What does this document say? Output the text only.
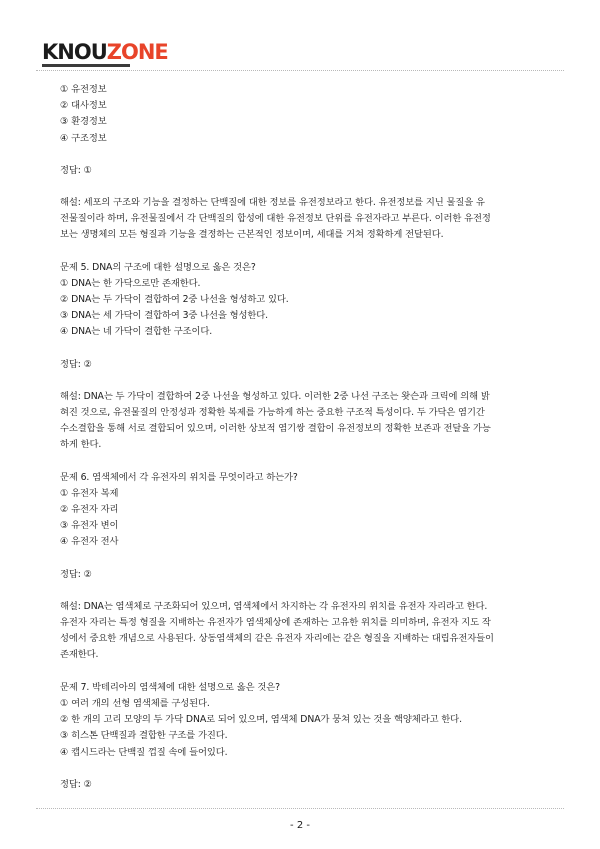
KNOUZONE
① 유전정보
② 대사정보
③ 환경정보
④ 구조정보
정답: ①
해설: 세포의 구조와 기능을 결정하는 단백질에 대한 정보를 유전정보라고 한다. 유전정보를 지닌 물질을 유
전물질이라 하며, 유전물질에서 각 단백질의 합성에 대한 유전정보 단위를 유전자라고 부른다. 이러한 유전정
보는 생명체의 모든 형질과 기능을 결정하는 근본적인 정보이며, 세대를 거쳐 정확하게 전달된다.
문제 5. DNA의 구조에 대한 설명으로 옳은 것은?
① DNA는 한 가닥으로만 존재한다.
② DNA는 두 가닥이 결합하여 2중 나선을 형성하고 있다.
③ DNA는 세 가닥이 결합하여 3중 나선을 형성한다.
④ DNA는 네 가닥이 결합한 구조이다.
정답: ②
해설: DNA는 두 가닥이 결합하여 2중 나선을 형성하고 있다. 이러한 2중 나선 구조는 왓슨과 크릭에 의해 밝
혀진 것으로, 유전물질의 안정성과 정확한 복제를 가능하게 하는 중요한 구조적 특성이다. 두 가닥은 염기간
수소결합을 통해 서로 결합되어 있으며, 이러한 상보적 염기쌍 결합이 유전정보의 정확한 보존과 전달을 가능
하게 한다.
문제 6. 염색체에서 각 유전자의 위치를 무엇이라고 하는가?
① 유전자 복제
② 유전자 자리
③ 유전자 변이
④ 유전자 전사
정답: ②
해설: DNA는 염색체로 구조화되어 있으며, 염색체에서 차지하는 각 유전자의 위치를 유전자 자리라고 한다.
유전자 자리는 특정 형질을 지배하는 유전자가 염색체상에 존재하는 고유한 위치를 의미하며, 유전자 지도 작
성에서 중요한 개념으로 사용된다. 상동염색체의 같은 유전자 자리에는 같은 형질을 지배하는 대립유전자들이
존재한다.
문제 7. 박테리아의 염색체에 대한 설명으로 옳은 것은?
① 여러 개의 선형 염색체를 구성된다.
② 한 개의 고리 모양의 두 가닥 DNA로 되어 있으며, 염색체 DNA가 뭉쳐 있는 것을 핵양체라고 한다.
③ 히스톤 단백질과 결합한 구조를 가진다.
④ 캡시드라는 단백질 껍질 속에 들어있다.
정답: ②
- 2 -
